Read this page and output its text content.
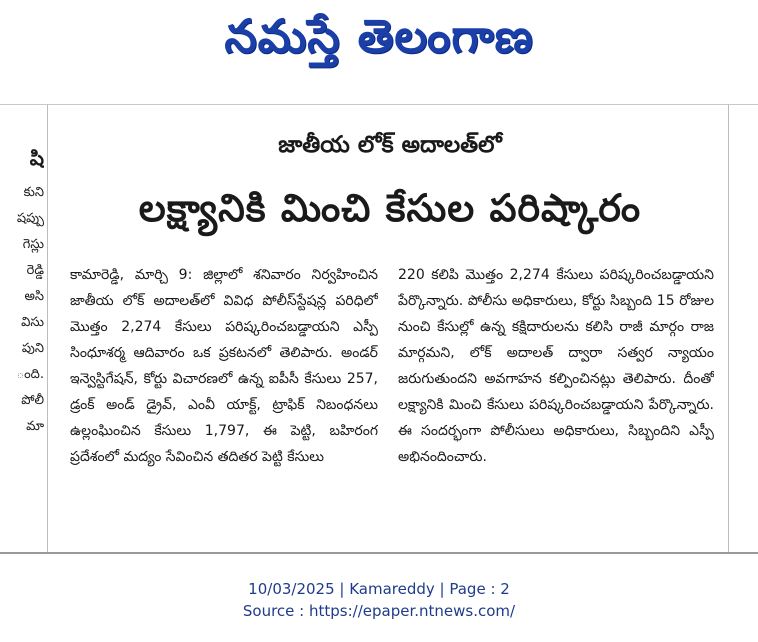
నమస్తే తెలంగాణ
షి
కుని
షప్పు
గెస్లు
రెడ్డి
అసి
విసు
పుని
ంది.
పోలీ
మా
జాతీయ లోక్ అదాలత్‌లో
లక్ష్యానికి మించి కేసుల పరిష్కారం
కామారెడ్డి, మార్చి 9: జిల్లాలో శనివారం నిర్వహించిన జాతీయ లోక్ అదాలత్‌లో వివిధ పోలీస్‌స్టేషన్ల పరిధిలో మొత్తం 2,274 కేసులు పరిష్కరించబడ్డాయని ఎస్పీ సింధూశర్మ ఆదివారం ఒక ప్రకటనలో తెలిపారు. అండర్ ఇన్వెస్టిగేషన్, కోర్టు విచారణలో ఉన్న ఐపీసీ కేసులు 257, డ్రంక్ అండ్ డ్రైవ్, ఎంవీ యాక్ట్, ట్రాఫిక్ నిబంధనలు ఉల్లంఘించిన కేసులు 1,797, ఈ పెట్టి, బహిరంగ ప్రదేశంలో మద్యం సేవించిన తదితర పెట్టి కేసులు
220 కలిపి మొత్తం 2,274 కేసులు పరిష్కరించబడ్డాయని పేర్కొన్నారు. పోలీసు అధికారులు, కోర్టు సిబ్బంది 15 రోజుల నుంచి కేసుల్లో ఉన్న కక్షిదారులను కలిసి రాజీ మార్గం రాజ మార్గమని, లోక్ అదాలత్ ద్వారా సత్వర న్యాయం జరుగుతుందని అవగాహన కల్పించినట్లు తెలిపారు. దీంతో లక్ష్యానికి మించి కేసులు పరిష్కరించబడ్డాయని పేర్కొన్నారు. ఈ సందర్భంగా పోలీసులు అధికారులు, సిబ్బందిని ఎస్పీ అభినందించారు.
10/03/2025 | Kamareddy | Page : 2
Source : https://epaper.ntnews.com/
